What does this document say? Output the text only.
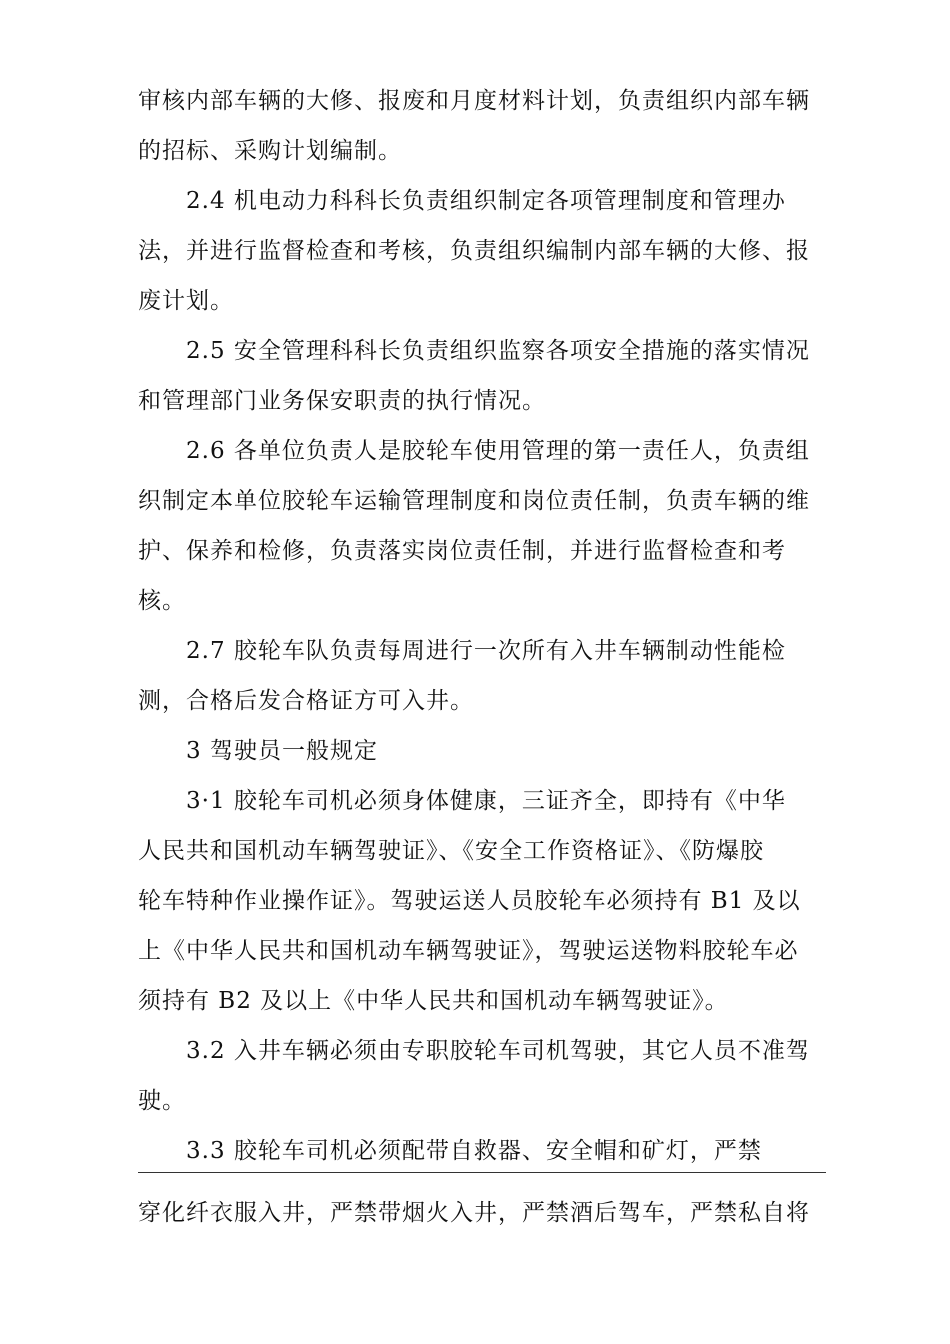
审核内部车辆的大修、报废和月度材料计划，负责组织内部车辆
的招标、采购计划编制。
2.4 机电动力科科长负责组织制定各项管理制度和管理办
法，并进行监督检查和考核，负责组织编制内部车辆的大修、报
废计划。
2.5 安全管理科科长负责组织监察各项安全措施的落实情况
和管理部门业务保安职责的执行情况。
2.6 各单位负责人是胶轮车使用管理的第一责任人，负责组
织制定本单位胶轮车运输管理制度和岗位责任制，负责车辆的维
护、保养和检修，负责落实岗位责任制，并进行监督检查和考
核。
2.7 胶轮车队负责每周进行一次所有入井车辆制动性能检
测，合格后发合格证方可入井。
3 驾驶员一般规定
3·1 胶轮车司机必须身体健康，三证齐全，即持有《中华
人民共和国机动车辆驾驶证》、《安全工作资格证》、《防爆胶
轮车特种作业操作证》。驾驶运送人员胶轮车必须持有 B1 及以
上《中华人民共和国机动车辆驾驶证》，驾驶运送物料胶轮车必
须持有 B2 及以上《中华人民共和国机动车辆驾驶证》。
3.2 入井车辆必须由专职胶轮车司机驾驶，其它人员不准驾
驶。
3.3 胶轮车司机必须配带自救器、安全帽和矿灯，严禁
穿化纤衣服入井，严禁带烟火入井，严禁酒后驾车，严禁私自将
